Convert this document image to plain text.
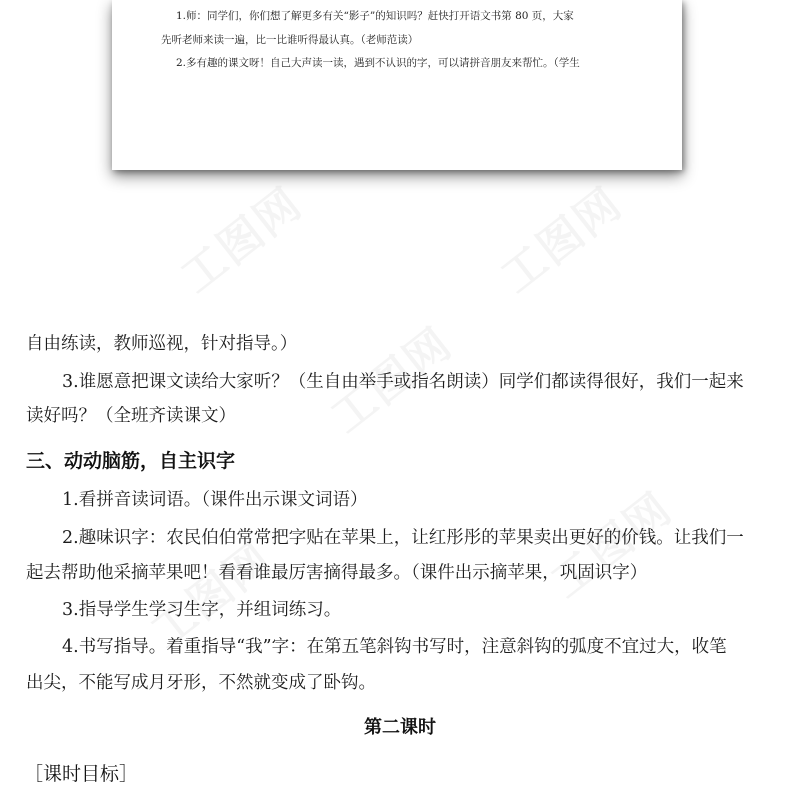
1.师：同学们，你们想了解更多有关“影子”的知识吗？赶快打开语文书第 80 页，大家
先听老师来读一遍，比一比谁听得最认真。（老师范读）
2.多有趣的课文呀！自己大声读一读，遇到不认识的字，可以请拼音朋友来帮忙。（学生
自由练读，教师巡视，针对指导。）
3.谁愿意把课文读给大家听？（生自由举手或指名朗读）同学们都读得很好，我们一起来
读好吗？（全班齐读课文）
三、动动脑筋，自主识字
1.看拼音读词语。（课件出示课文词语）
2.趣味识字：农民伯伯常常把字贴在苹果上，让红彤彤的苹果卖出更好的价钱。让我们一
起去帮助他采摘苹果吧！看看谁最厉害摘得最多。（课件出示摘苹果，巩固识字）
3.指导学生学习生字，并组词练习。
4.书写指导。着重指导“我”字：在第五笔斜钩书写时，注意斜钩的弧度不宜过大，收笔
出尖，不能写成月牙形，不然就变成了卧钩。
第二课时
［课时目标］
